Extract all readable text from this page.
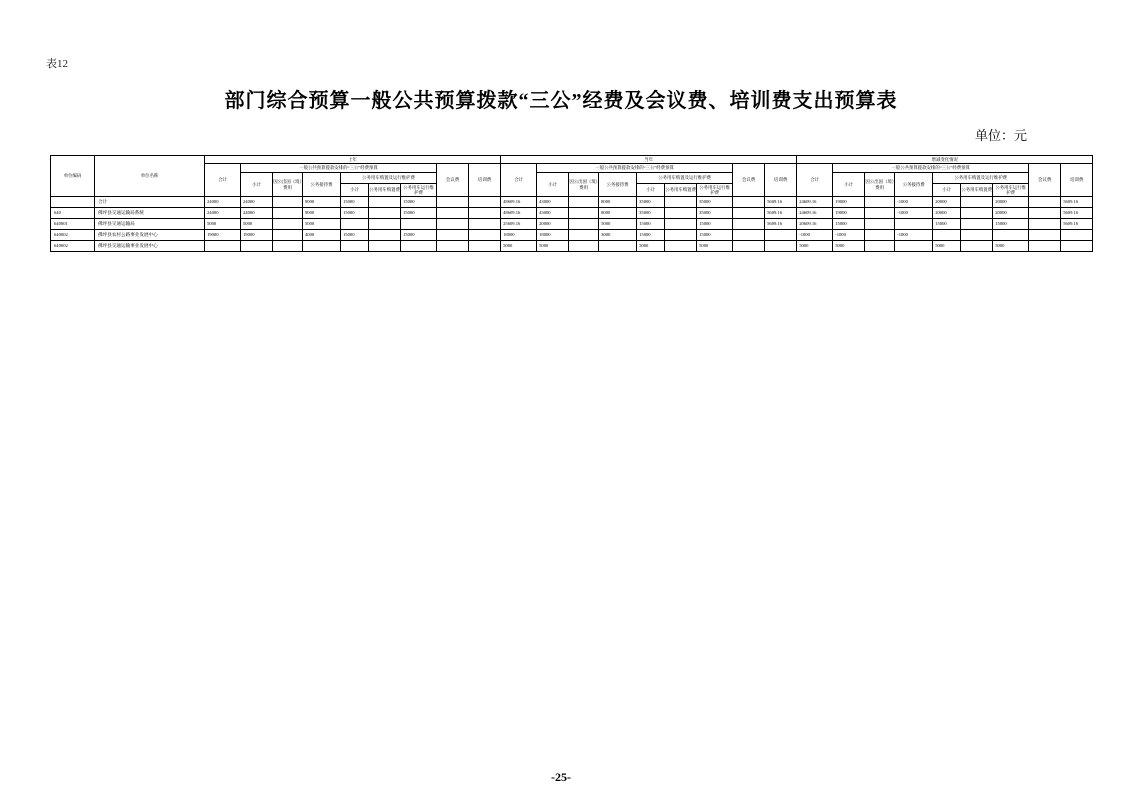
表12
部门综合预算一般公共预算拨款“三公”经费及会议费、培训费支出预算表
单位：元
单位编码	单位名称	上年									当年									增减变化情况								
		合计	一般公共预算拨款安排的“三公”经费预算						会议费	培训费	合计	一般公共预算拨款安排的“三公”经费预算						会议费	培训费	合计	一般公共预算拨款安排的“三公”经费预算						会议费	培训费
			小计	因公出国（境）费用	公务接待费	公务用车购置及运行维护费						小计	因公出国（境）费用	公务接待费	公务用车购置及运行维护费						小计	因公出国（境）费用	公务接待费	公务用车购置及运行维护费				
						小计	公务用车购置费	公务用车运行维护费							小计	公务用车购置费	公务用车运行维护费							小计	公务用车购置费	公务用车运行维护费		
	合计	24000	24000		9000	15000		15000			48609.16	43000		8000	35000		35000		5609.16	24609.16	19000		-1000	20000		20000		5609.16
640	佛坪县交通运输局系统	24000	24000		9000	15000		15000			48609.16	43000		8000	35000		35000		5609.16	24609.16	19000		-1000	20000		20000		5609.16
640001	佛坪县交通运输局	5000	5000		5000						25609.16	20000		5000	15000		15000		5609.16	20609.16	15000			15000		15000		5609.16
640002	佛坪县农村公路事业发展中心	19000	19000		4000	15000		15000			18000	18000		3000	15000		15000			-1000	-1000		-1000					
640002	佛坪县交通运输事业发展中心										5000	5000			5000		5000			5000	5000			5000		5000		
-25-
